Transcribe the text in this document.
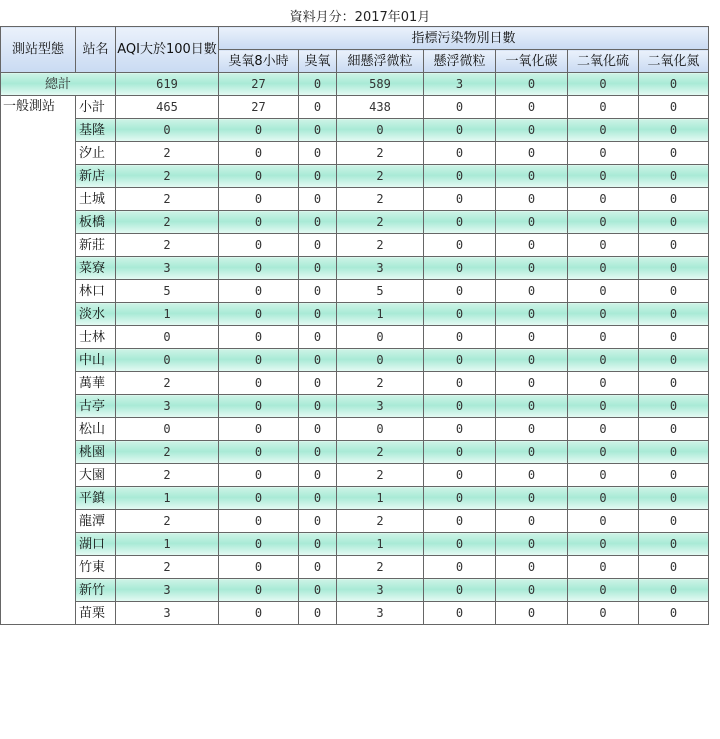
資料月分：2017年01月
測站型態	站名	AQI大於100日數	指標污染物別日數						
			臭氧8小時	臭氧	細懸浮微粒	懸浮微粒	一氧化碳	二氧化硫	二氧化氮
總計		619	27	0	589	3	0	0	0
一般測站	小計	465	27	0	438	0	0	0	0
	基隆	0	0	0	0	0	0	0	0
	汐止	2	0	0	2	0	0	0	0
	新店	2	0	0	2	0	0	0	0
	土城	2	0	0	2	0	0	0	0
	板橋	2	0	0	2	0	0	0	0
	新莊	2	0	0	2	0	0	0	0
	菜寮	3	0	0	3	0	0	0	0
	林口	5	0	0	5	0	0	0	0
	淡水	1	0	0	1	0	0	0	0
	士林	0	0	0	0	0	0	0	0
	中山	0	0	0	0	0	0	0	0
	萬華	2	0	0	2	0	0	0	0
	古亭	3	0	0	3	0	0	0	0
	松山	0	0	0	0	0	0	0	0
	桃園	2	0	0	2	0	0	0	0
	大園	2	0	0	2	0	0	0	0
	平鎮	1	0	0	1	0	0	0	0
	龍潭	2	0	0	2	0	0	0	0
	湖口	1	0	0	1	0	0	0	0
	竹東	2	0	0	2	0	0	0	0
	新竹	3	0	0	3	0	0	0	0
	苗栗	3	0	0	3	0	0	0	0
